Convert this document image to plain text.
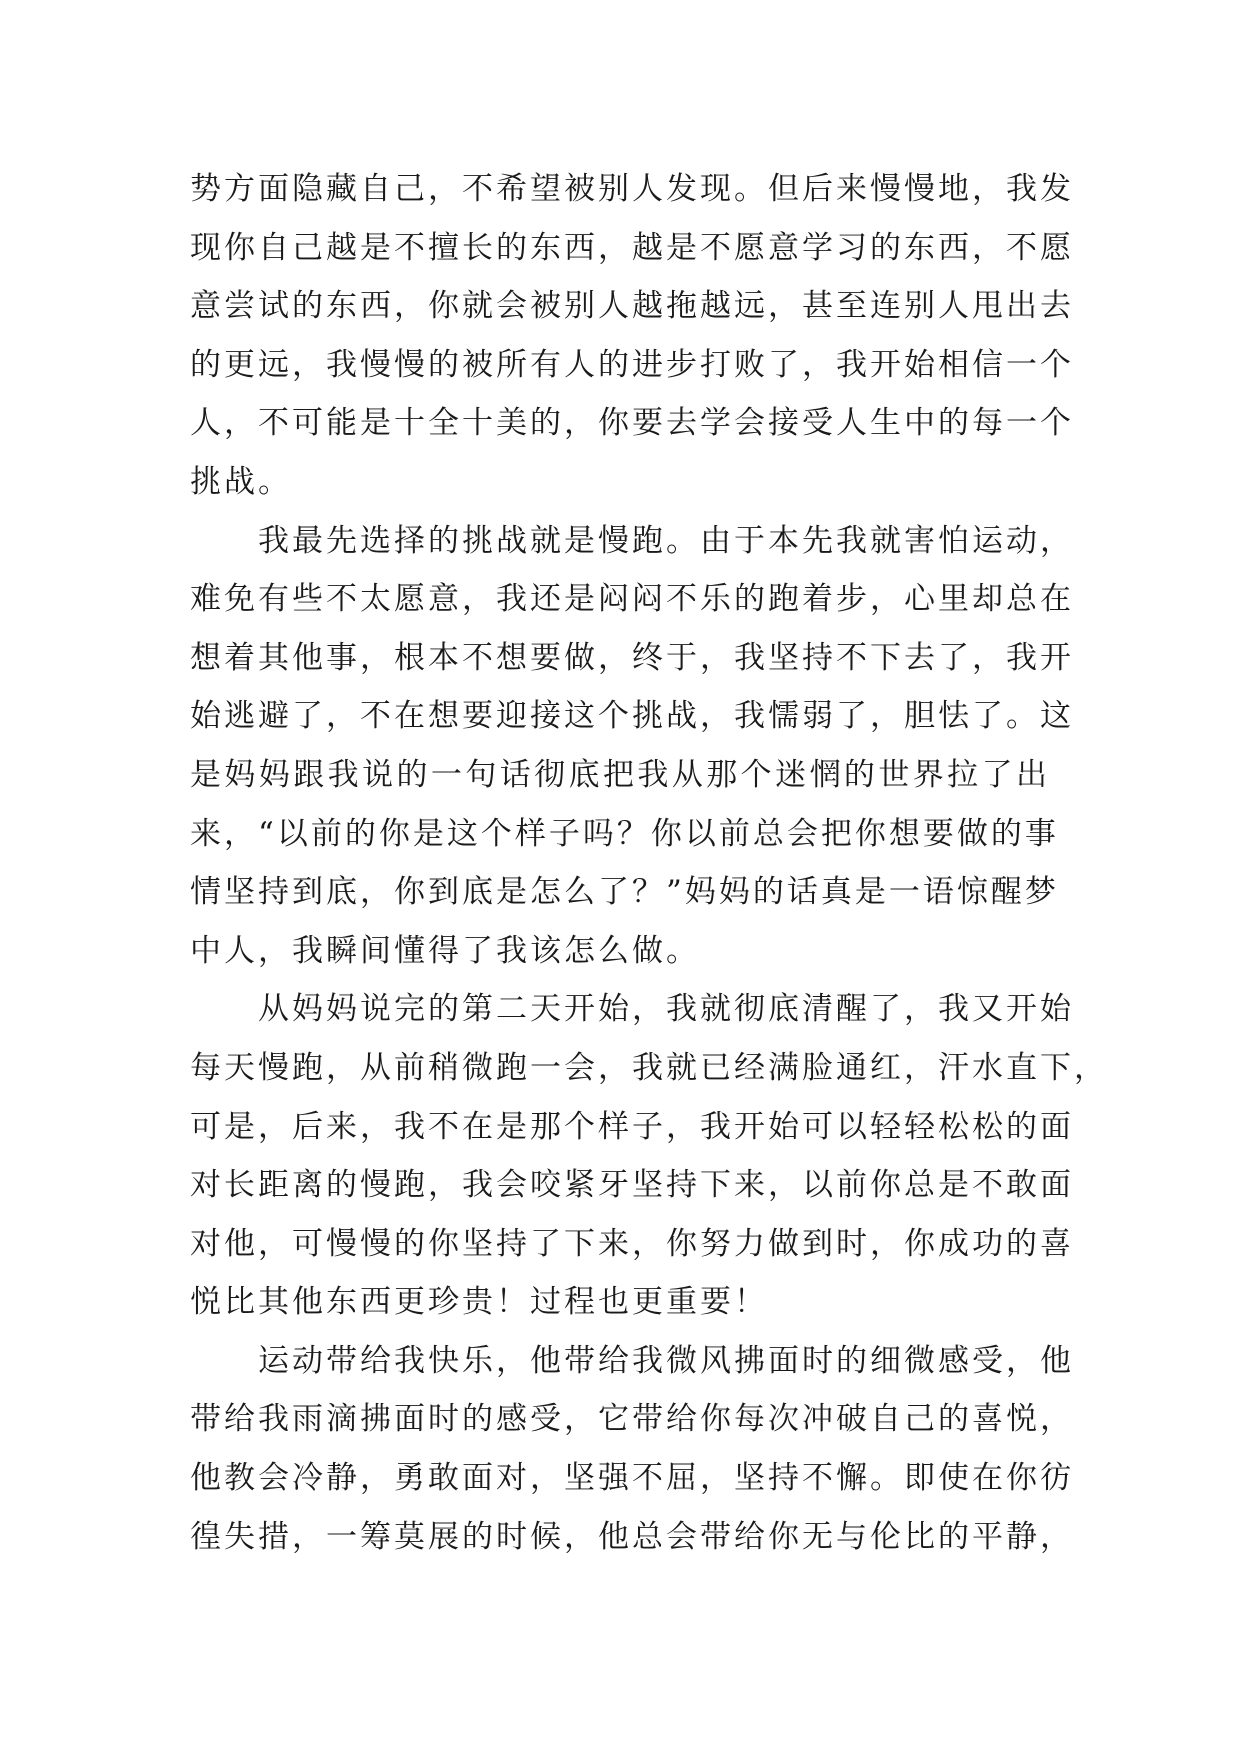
势方面隐藏自己，不希望被别人发现。但后来慢慢地，我发
现你自己越是不擅长的东西，越是不愿意学习的东西，不愿
意尝试的东西，你就会被别人越拖越远，甚至连别人甩出去
的更远，我慢慢的被所有人的进步打败了，我开始相信一个
人，不可能是十全十美的，你要去学会接受人生中的每一个
挑战。
　　我最先选择的挑战就是慢跑。由于本先我就害怕运动，
难免有些不太愿意，我还是闷闷不乐的跑着步，心里却总在
想着其他事，根本不想要做，终于，我坚持不下去了，我开
始逃避了，不在想要迎接这个挑战，我懦弱了，胆怯了。这
是妈妈跟我说的一句话彻底把我从那个迷惘的世界拉了出
来，“以前的你是这个样子吗？你以前总会把你想要做的事
情坚持到底，你到底是怎么了？”妈妈的话真是一语惊醒梦
中人，我瞬间懂得了我该怎么做。
　　从妈妈说完的第二天开始，我就彻底清醒了，我又开始
每天慢跑，从前稍微跑一会，我就已经满脸通红，汗水直下，
可是，后来，我不在是那个样子，我开始可以轻轻松松的面
对长距离的慢跑，我会咬紧牙坚持下来，以前你总是不敢面
对他，可慢慢的你坚持了下来，你努力做到时，你成功的喜
悦比其他东西更珍贵！过程也更重要！
　　运动带给我快乐，他带给我微风拂面时的细微感受，他
带给我雨滴拂面时的感受，它带给你每次冲破自己的喜悦，
他教会冷静，勇敢面对，坚强不屈，坚持不懈。即使在你彷
徨失措，一筹莫展的时候，他总会带给你无与伦比的平静，
